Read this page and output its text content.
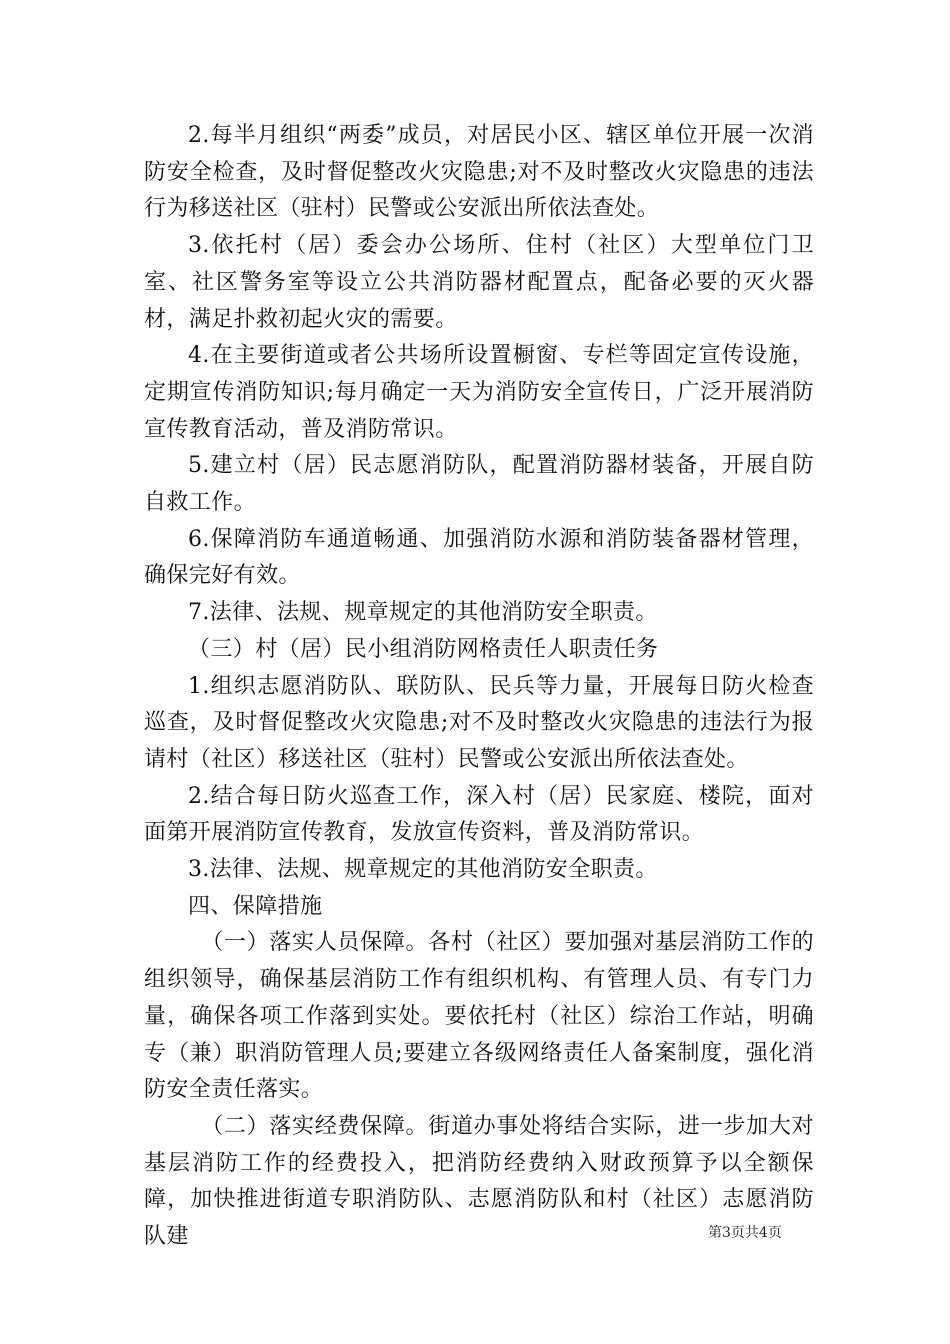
2.每半月组织“两委”成员，对居民小区、辖区单位开展一次消防安全检查，及时督促整改火灾隐患;对不及时整改火灾隐患的违法行为移送社区（驻村）民警或公安派出所依法查处。

3.依托村（居）委会办公场所、住村（社区）大型单位门卫室、社区警务室等设立公共消防器材配置点，配备必要的灭火器材，满足扑救初起火灾的需要。

4.在主要街道或者公共场所设置橱窗、专栏等固定宣传设施，定期宣传消防知识;每月确定一天为消防安全宣传日，广泛开展消防宣传教育活动，普及消防常识。

5.建立村（居）民志愿消防队，配置消防器材装备，开展自防自救工作。

6.保障消防车通道畅通、加强消防水源和消防装备器材管理，确保完好有效。

7.法律、法规、规章规定的其他消防安全职责。

（三）村（居）民小组消防网格责任人职责任务

1.组织志愿消防队、联防队、民兵等力量，开展每日防火检查巡查，及时督促整改火灾隐患;对不及时整改火灾隐患的违法行为报请村（社区）移送社区（驻村）民警或公安派出所依法查处。

2.结合每日防火巡查工作，深入村（居）民家庭、楼院，面对面第开展消防宣传教育，发放宣传资料，普及消防常识。

3.法律、法规、规章规定的其他消防安全职责。

四、保障措施

（一）落实人员保障。各村（社区）要加强对基层消防工作的组织领导，确保基层消防工作有组织机构、有管理人员、有专门力量，确保各项工作落到实处。要依托村（社区）综治工作站，明确专（兼）职消防管理人员;要建立各级网络责任人备案制度，强化消防安全责任落实。

（二）落实经费保障。街道办事处将结合实际，进一步加大对基层消防工作的经费投入，把消防经费纳入财政预算予以全额保障，加快推进街道专职消防队、志愿消防队和村（社区）志愿消防队建	第3页共4页
